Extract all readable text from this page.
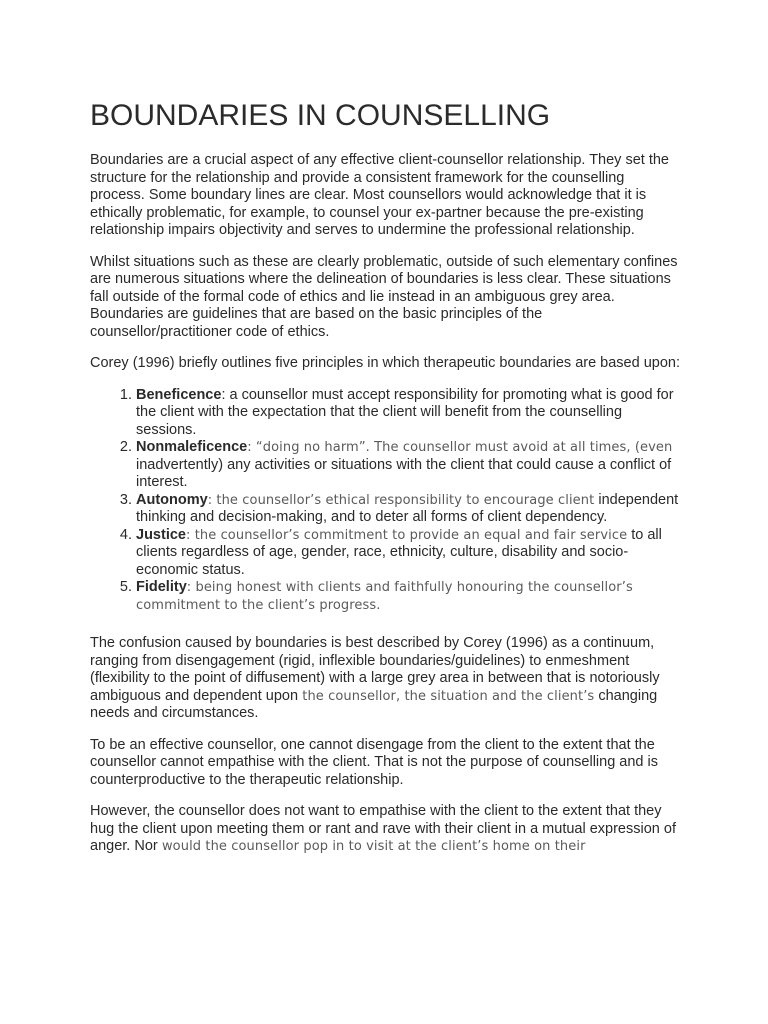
BOUNDARIES IN COUNSELLING

Boundaries are a crucial aspect of any effective client-counsellor relationship. They set the structure for the relationship and provide a consistent framework for the counselling process. Some boundary lines are clear. Most counsellors would acknowledge that it is ethically problematic, for example, to counsel your ex-partner because the pre-existing relationship impairs objectivity and serves to undermine the professional relationship.

Whilst situations such as these are clearly problematic, outside of such elementary confines are numerous situations where the delineation of boundaries is less clear. These situations fall outside of the formal code of ethics and lie instead in an ambiguous grey area. Boundaries are guidelines that are based on the basic principles of the counsellor/practitioner code of ethics.

Corey (1996) briefly outlines five principles in which therapeutic boundaries are based upon:

1. Beneficence: a counsellor must accept responsibility for promoting what is good for the client with the expectation that the client will benefit from the counselling sessions.
2. Nonmaleficence: “doing no harm”. The counsellor must avoid at all times, (even inadvertently) any activities or situations with the client that could cause a conflict of interest.
3. Autonomy: the counsellor’s ethical responsibility to encourage client independent thinking and decision-making, and to deter all forms of client dependency.
4. Justice: the counsellor’s commitment to provide an equal and fair service to all clients regardless of age, gender, race, ethnicity, culture, disability and socio-economic status.
5. Fidelity: being honest with clients and faithfully honouring the counsellor’s commitment to the client’s progress.

The confusion caused by boundaries is best described by Corey (1996) as a continuum, ranging from disengagement (rigid, inflexible boundaries/guidelines) to enmeshment (flexibility to the point of diffusement) with a large grey area in between that is notoriously ambiguous and dependent upon the counsellor, the situation and the client’s changing needs and circumstances.

To be an effective counsellor, one cannot disengage from the client to the extent that the counsellor cannot empathise with the client. That is not the purpose of counselling and is counterproductive to the therapeutic relationship.

However, the counsellor does not want to empathise with the client to the extent that they hug the client upon meeting them or rant and rave with their client in a mutual expression of anger. Nor would the counsellor pop in to visit at the client’s home on their
